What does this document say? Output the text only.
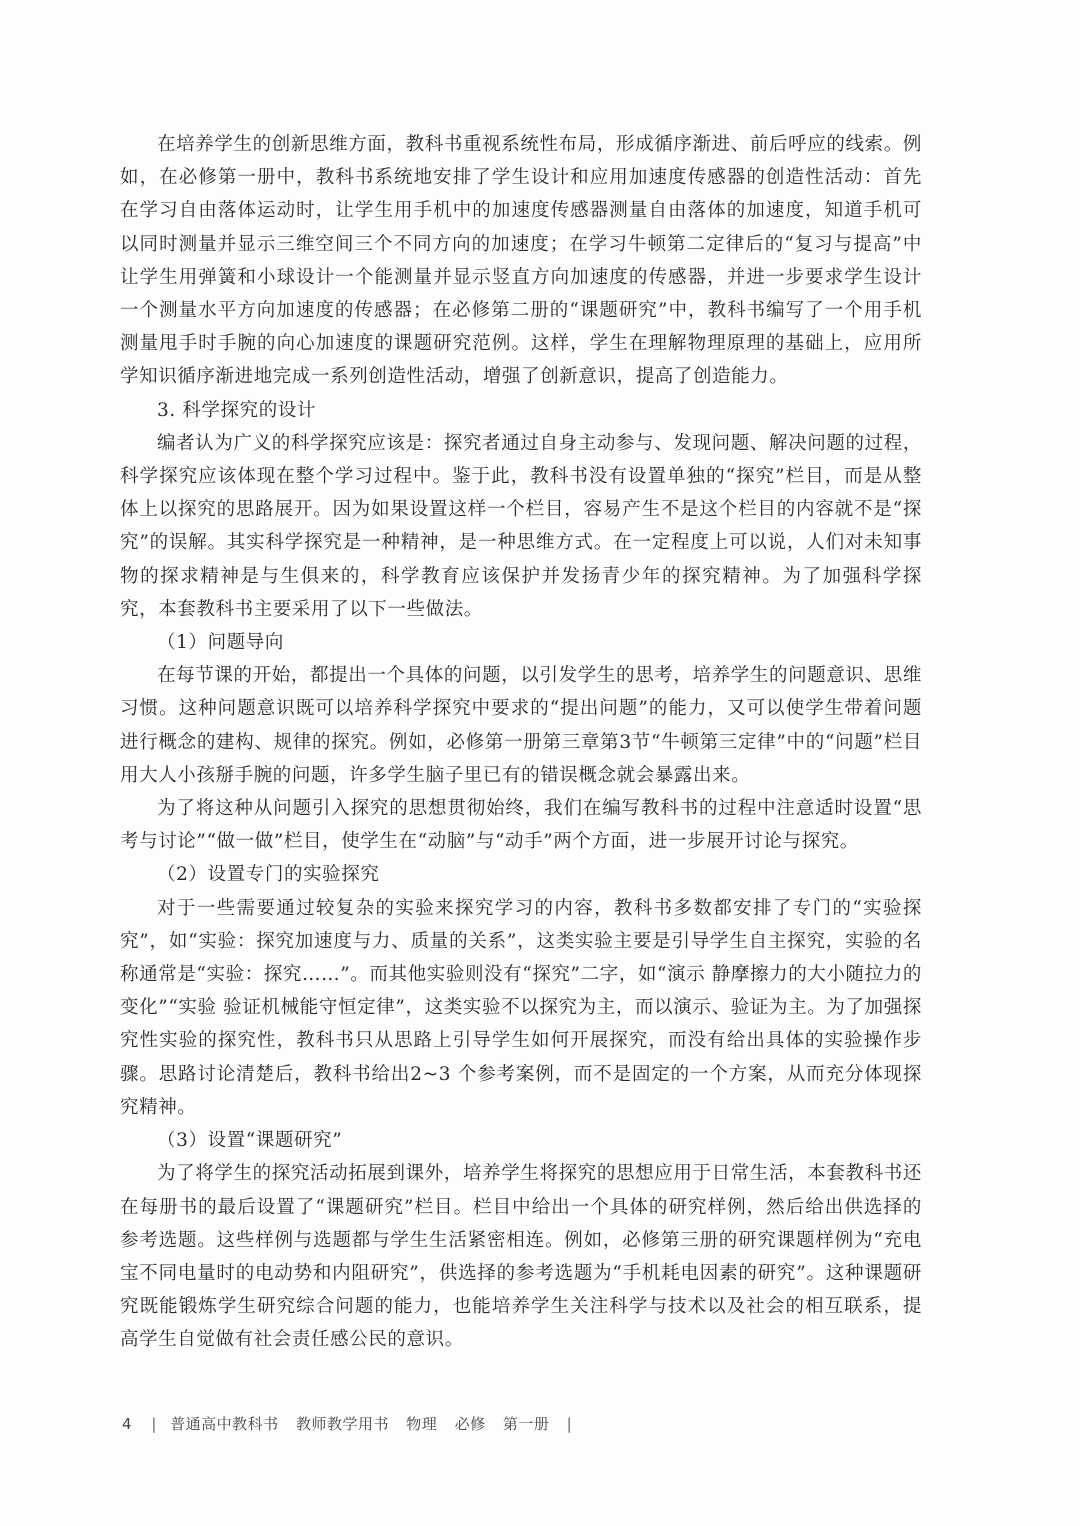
在培养学生的创新思维方面，教科书重视系统性布局，形成循序渐进、前后呼应的线索。例如，在必修第一册中，教科书系统地安排了学生设计和应用加速度传感器的创造性活动：首先在学习自由落体运动时，让学生用手机中的加速度传感器测量自由落体的加速度，知道手机可以同时测量并显示三维空间三个不同方向的加速度；在学习牛顿第二定律后的“复习与提高”中让学生用弹簧和小球设计一个能测量并显示竖直方向加速度的传感器，并进一步要求学生设计一个测量水平方向加速度的传感器；在必修第二册的“课题研究”中，教科书编写了一个用手机测量甩手时手腕的向心加速度的课题研究范例。这样，学生在理解物理原理的基础上，应用所学知识循序渐进地完成一系列创造性活动，增强了创新意识，提高了创造能力。

3. 科学探究的设计

编者认为广义的科学探究应该是：探究者通过自身主动参与、发现问题、解决问题的过程，科学探究应该体现在整个学习过程中。鉴于此，教科书没有设置单独的“探究”栏目，而是从整体上以探究的思路展开。因为如果设置这样一个栏目，容易产生不是这个栏目的内容就不是“探究”的误解。其实科学探究是一种精神，是一种思维方式。在一定程度上可以说，人们对未知事物的探求精神是与生俱来的，科学教育应该保护并发扬青少年的探究精神。为了加强科学探究，本套教科书主要采用了以下一些做法。

（1）问题导向

在每节课的开始，都提出一个具体的问题，以引发学生的思考，培养学生的问题意识、思维习惯。这种问题意识既可以培养科学探究中要求的“提出问题”的能力，又可以使学生带着问题进行概念的建构、规律的探究。例如，必修第一册第三章第3节“牛顿第三定律”中的“问题”栏目用大人小孩掰手腕的问题，许多学生脑子里已有的错误概念就会暴露出来。

为了将这种从问题引入探究的思想贯彻始终，我们在编写教科书的过程中注意适时设置“思考与讨论”“做一做”栏目，使学生在“动脑”与“动手”两个方面，进一步展开讨论与探究。

（2）设置专门的实验探究

对于一些需要通过较复杂的实验来探究学习的内容，教科书多数都安排了专门的“实验探究”，如“实验：探究加速度与力、质量的关系”，这类实验主要是引导学生自主探究，实验的名称通常是“实验：探究……”。而其他实验则没有“探究”二字，如“演示 静摩擦力的大小随拉力的变化”“实验 验证机械能守恒定律”，这类实验不以探究为主，而以演示、验证为主。为了加强探究性实验的探究性，教科书只从思路上引导学生如何开展探究，而没有给出具体的实验操作步骤。思路讨论清楚后，教科书给出2~3 个参考案例，而不是固定的一个方案，从而充分体现探究精神。

（3）设置“课题研究”

为了将学生的探究活动拓展到课外，培养学生将探究的思想应用于日常生活，本套教科书还在每册书的最后设置了“课题研究”栏目。栏目中给出一个具体的研究样例，然后给出供选择的参考选题。这些样例与选题都与学生生活紧密相连。例如，必修第三册的研究课题样例为“充电宝不同电量时的电动势和内阻研究”，供选择的参考选题为“手机耗电因素的研究”。这种课题研究既能锻炼学生研究综合问题的能力，也能培养学生关注科学与技术以及社会的相互联系，提高学生自觉做有社会责任感公民的意识。

4 | 普通高中教科书 教师教学用书 物理 必修 第一册 |
